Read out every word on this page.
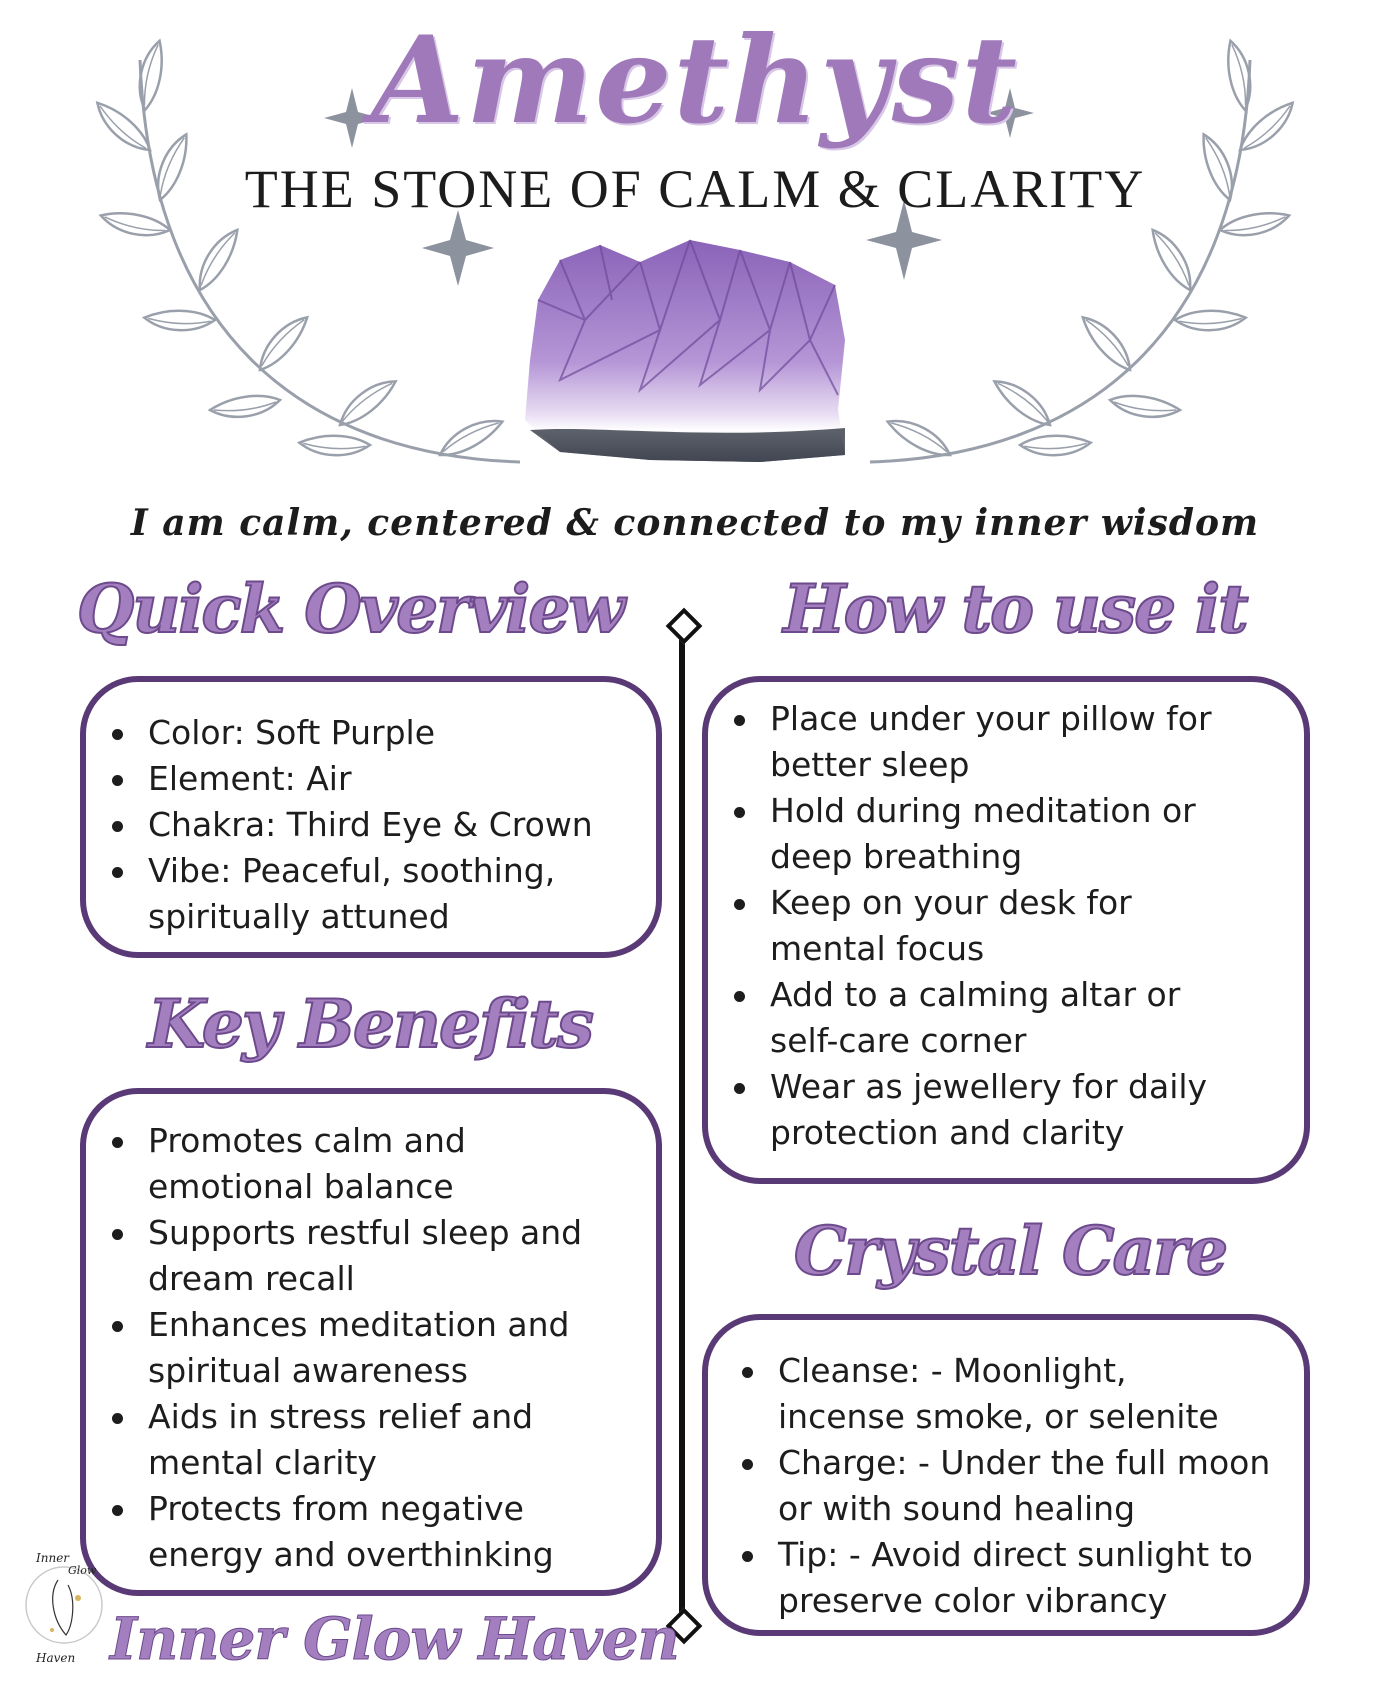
Amethyst
THE STONE OF CALM & CLARITY
I am calm, centered & connected to my inner wisdom
Quick Overview
Color: Soft Purple
Element: Air
Chakra: Third Eye & Crown
Vibe: Peaceful, soothing, spiritually attuned
Key Benefits
Promotes calm and emotional balance
Supports restful sleep and dream recall
Enhances meditation and spiritual awareness
Aids in stress relief and mental clarity
Protects from negative energy and overthinking
How to use it
Place under your pillow for better sleep
Hold during meditation or deep breathing
Keep on your desk for mental focus
Add to a calming altar or self-care corner
Wear as jewellery for daily protection and clarity
Crystal Care
Cleanse: - Moonlight, incense smoke, or selenite
Charge: - Under the full moon or with sound healing
Tip: - Avoid direct sunlight to preserve color vibrancy
Inner
Glow
Haven Inner Glow Haven
